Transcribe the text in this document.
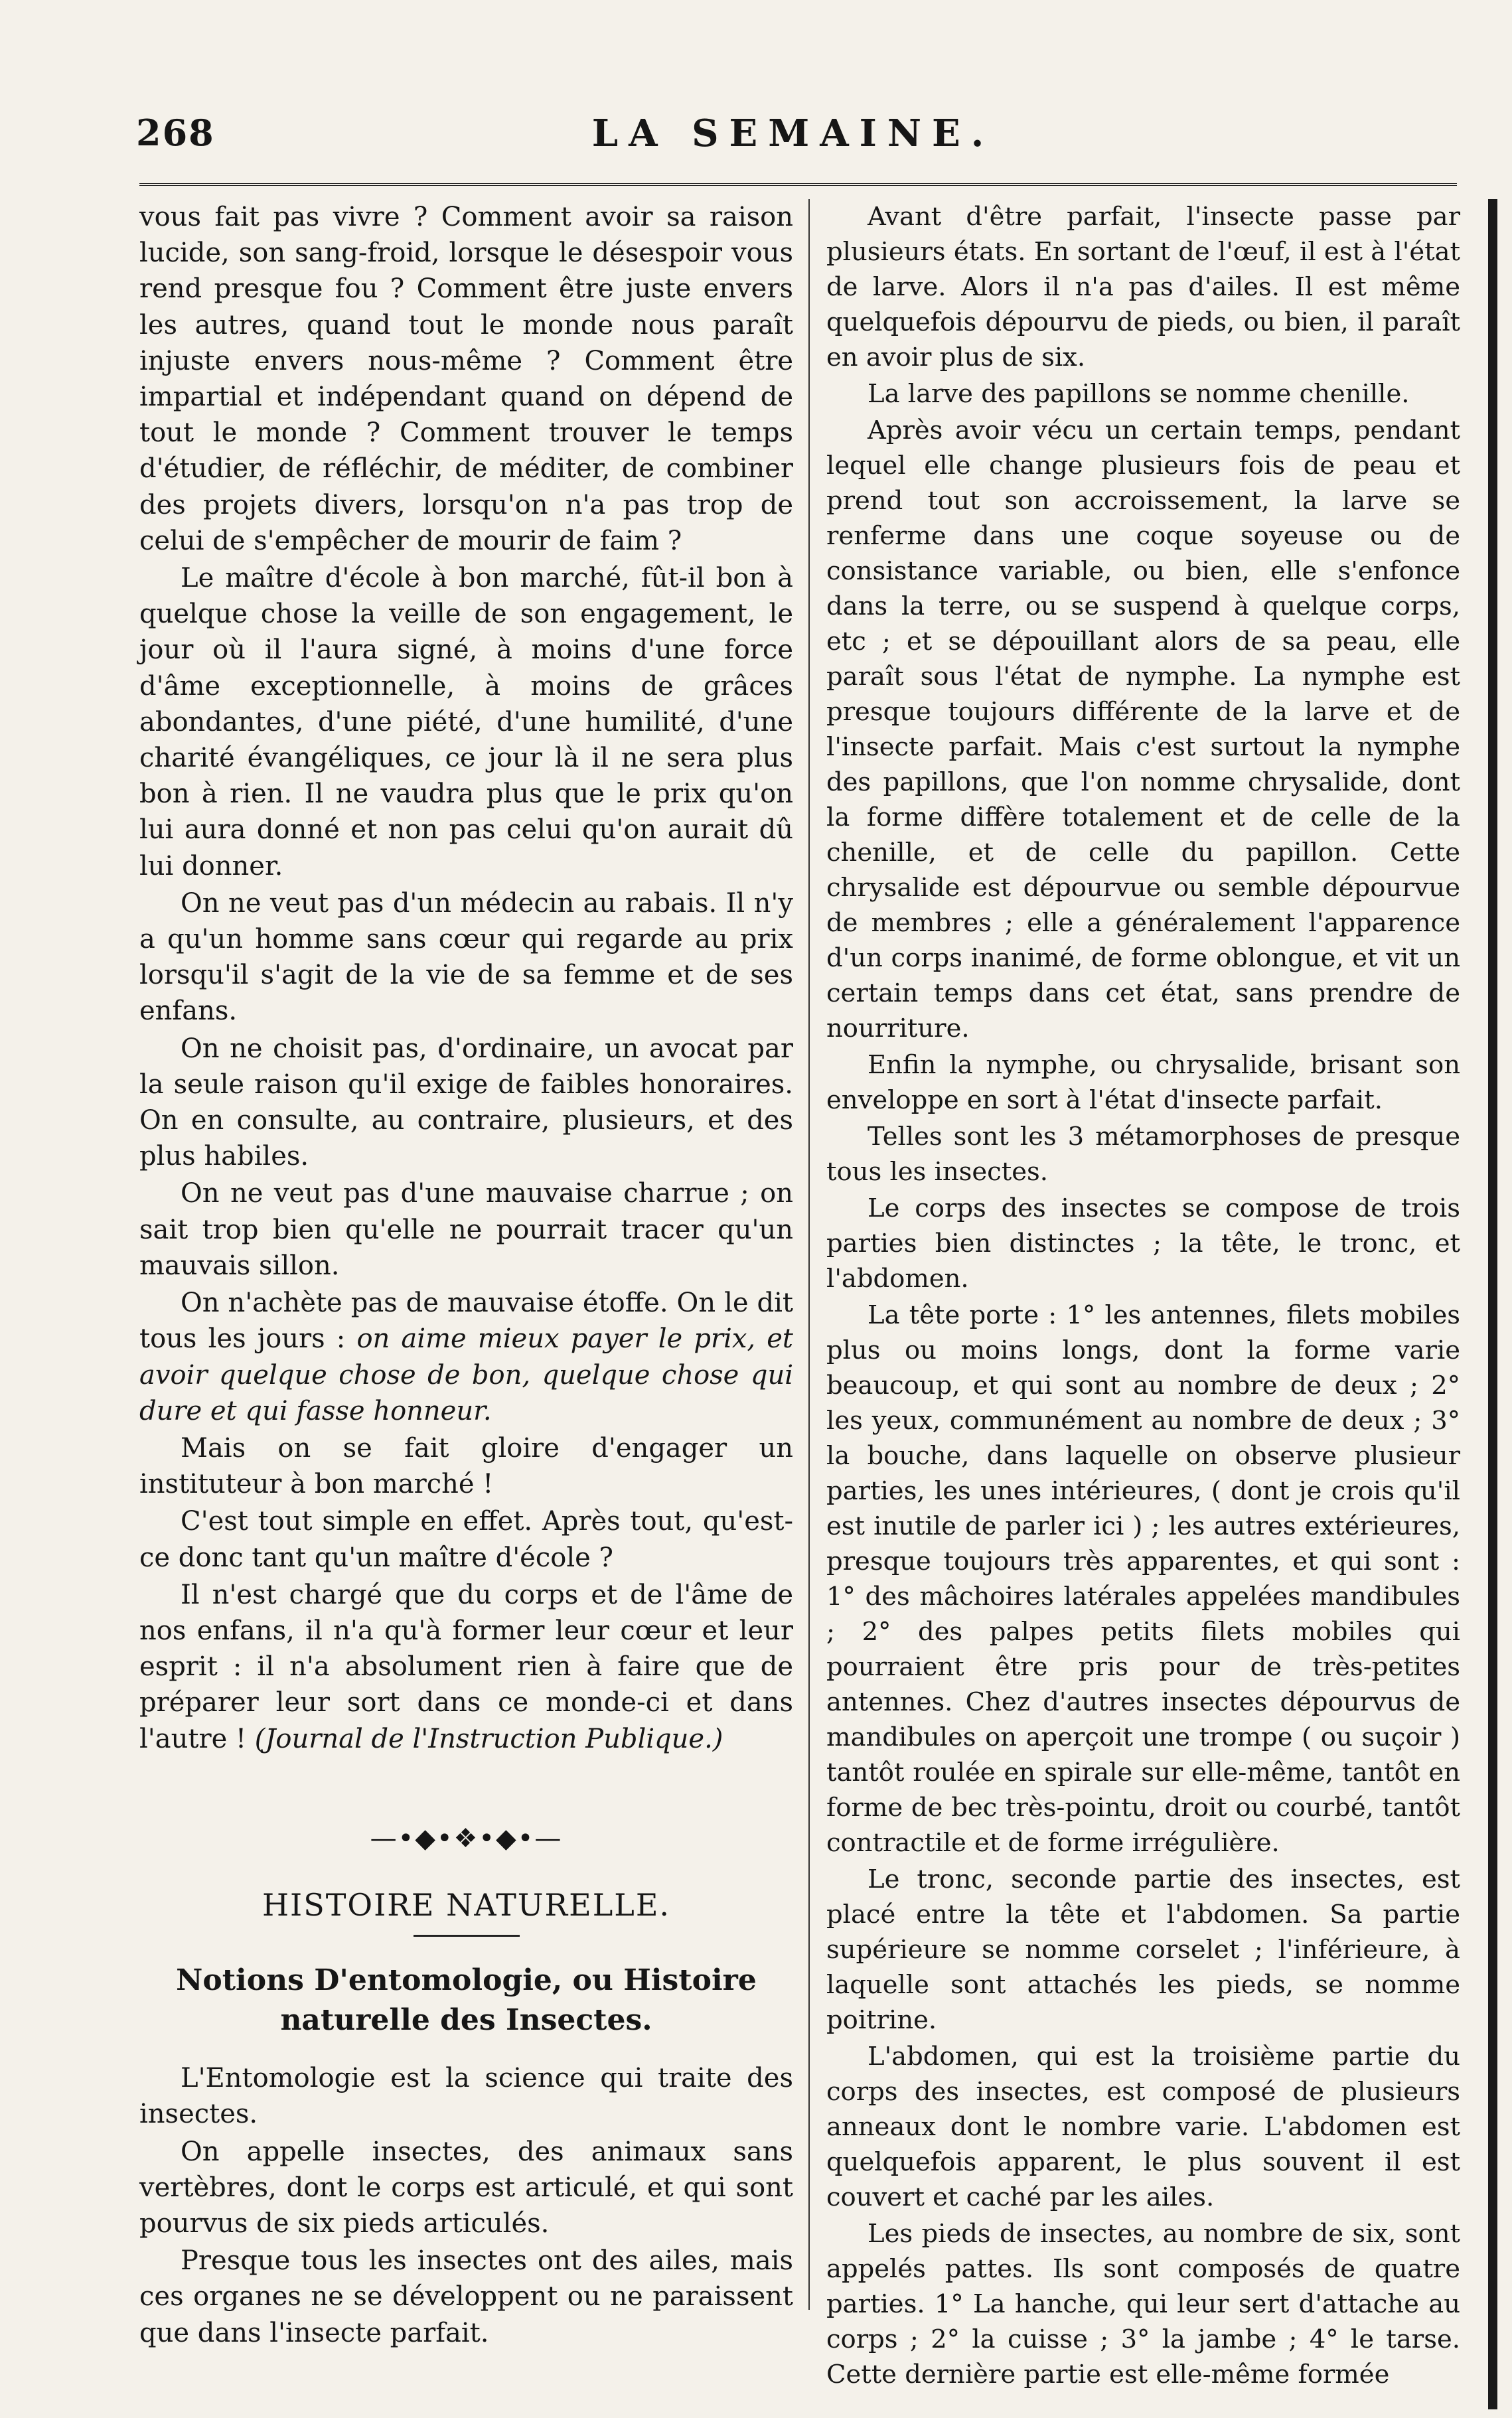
268	LA SEMAINE.

vous fait pas vivre ? Comment avoir sa raison lucide, son sang-froid, lorsque le désespoir vous rend presque fou ? Comment être juste envers les autres, quand tout le monde nous paraît injuste envers nous-même ? Comment être impartial et indépendant quand on dépend de tout le monde ? Comment trouver le temps d'étudier, de réfléchir, de méditer, de combiner des projets divers, lorsqu'on n'a pas trop de celui de s'empêcher de mourir de faim ?

Le maître d'école à bon marché, fût-il bon à quelque chose la veille de son engagement, le jour où il l'aura signé, à moins d'une force d'âme exceptionnelle, à moins de grâces abondantes, d'une piété, d'une humilité, d'une charité évangéliques, ce jour là il ne sera plus bon à rien. Il ne vaudra plus que le prix qu'on lui aura donné et non pas celui qu'on aurait dû lui donner.

On ne veut pas d'un médecin au rabais. Il n'y a qu'un homme sans cœur qui regarde au prix lorsqu'il s'agit de la vie de sa femme et de ses enfans.

On ne choisit pas, d'ordinaire, un avocat par la seule raison qu'il exige de faibles honoraires. On en consulte, au contraire, plusieurs, et des plus habiles.

On ne veut pas d'une mauvaise charrue ; on sait trop bien qu'elle ne pourrait tracer qu'un mauvais sillon.

On n'achète pas de mauvaise étoffe. On le dit tous les jours : on aime mieux payer le prix, et avoir quelque chose de bon, quelque chose qui dure et qui fasse honneur.

Mais on se fait gloire d'engager un instituteur à bon marché !

C'est tout simple en effet. Après tout, qu'est-ce donc tant qu'un maître d'école ?

Il n'est chargé que du corps et de l'âme de nos enfans, il n'a qu'à former leur cœur et leur esprit : il n'a absolument rien à faire que de préparer leur sort dans ce monde-ci et dans l'autre ! (Journal de l'Instruction Publique.)

—•◆•❖•◆•—
HISTOIRE NATURELLE.
Notions D'entomologie, ou Histoire
naturelle des Insectes.

L'Entomologie est la science qui traite des insectes.

On appelle insectes, des animaux sans vertèbres, dont le corps est articulé, et qui sont pourvus de six pieds articulés.

Presque tous les insectes ont des ailes, mais ces organes ne se développent ou ne paraissent que dans l'insecte parfait.

Avant d'être parfait, l'insecte passe par plusieurs états. En sortant de l'œuf, il est à l'état de larve. Alors il n'a pas d'ailes. Il est même quelquefois dépourvu de pieds, ou bien, il paraît en avoir plus de six.

La larve des papillons se nomme chenille.

Après avoir vécu un certain temps, pendant lequel elle change plusieurs fois de peau et prend tout son accroissement, la larve se renferme dans une coque soyeuse ou de consistance variable, ou bien, elle s'enfonce dans la terre, ou se suspend à quelque corps, etc ; et se dépouillant alors de sa peau, elle paraît sous l'état de nymphe. La nymphe est presque toujours différente de la larve et de l'insecte parfait. Mais c'est surtout la nymphe des papillons, que l'on nomme chrysalide, dont la forme diffère totalement et de celle de la chenille, et de celle du papillon. Cette chrysalide est dépourvue ou semble dépourvue de membres ; elle a généralement l'apparence d'un corps inanimé, de forme oblongue, et vit un certain temps dans cet état, sans prendre de nourriture.

Enfin la nymphe, ou chrysalide, brisant son enveloppe en sort à l'état d'insecte parfait.

Telles sont les 3 métamorphoses de presque tous les insectes.

Le corps des insectes se compose de trois parties bien distinctes ; la tête, le tronc, et l'abdomen.

La tête porte : 1° les antennes, filets mobiles plus ou moins longs, dont la forme varie beaucoup, et qui sont au nombre de deux ; 2° les yeux, communément au nombre de deux ; 3° la bouche, dans laquelle on observe plusieur parties, les unes intérieures, ( dont je crois qu'il est inutile de parler ici ) ; les autres extérieures, presque toujours très apparentes, et qui sont : 1° des mâchoires latérales appelées mandibules ; 2° des palpes petits filets mobiles qui pourraient être pris pour de très-petites antennes. Chez d'autres insectes dépourvus de mandibules on aperçoit une trompe ( ou suçoir ) tantôt roulée en spirale sur elle-même, tantôt en forme de bec très-pointu, droit ou courbé, tantôt contractile et de forme irrégulière.

Le tronc, seconde partie des insectes, est placé entre la tête et l'abdomen. Sa partie supérieure se nomme corselet ; l'inférieure, à laquelle sont attachés les pieds, se nomme poitrine.

L'abdomen, qui est la troisième partie du corps des insectes, est composé de plusieurs anneaux dont le nombre varie. L'abdomen est quelquefois apparent, le plus souvent il est couvert et caché par les ailes.

Les pieds de insectes, au nombre de six, sont appelés pattes. Ils sont composés de quatre parties. 1° La hanche, qui leur sert d'attache au corps ; 2° la cuisse ; 3° la jambe ; 4° le tarse. Cette dernière partie est elle-même formée
